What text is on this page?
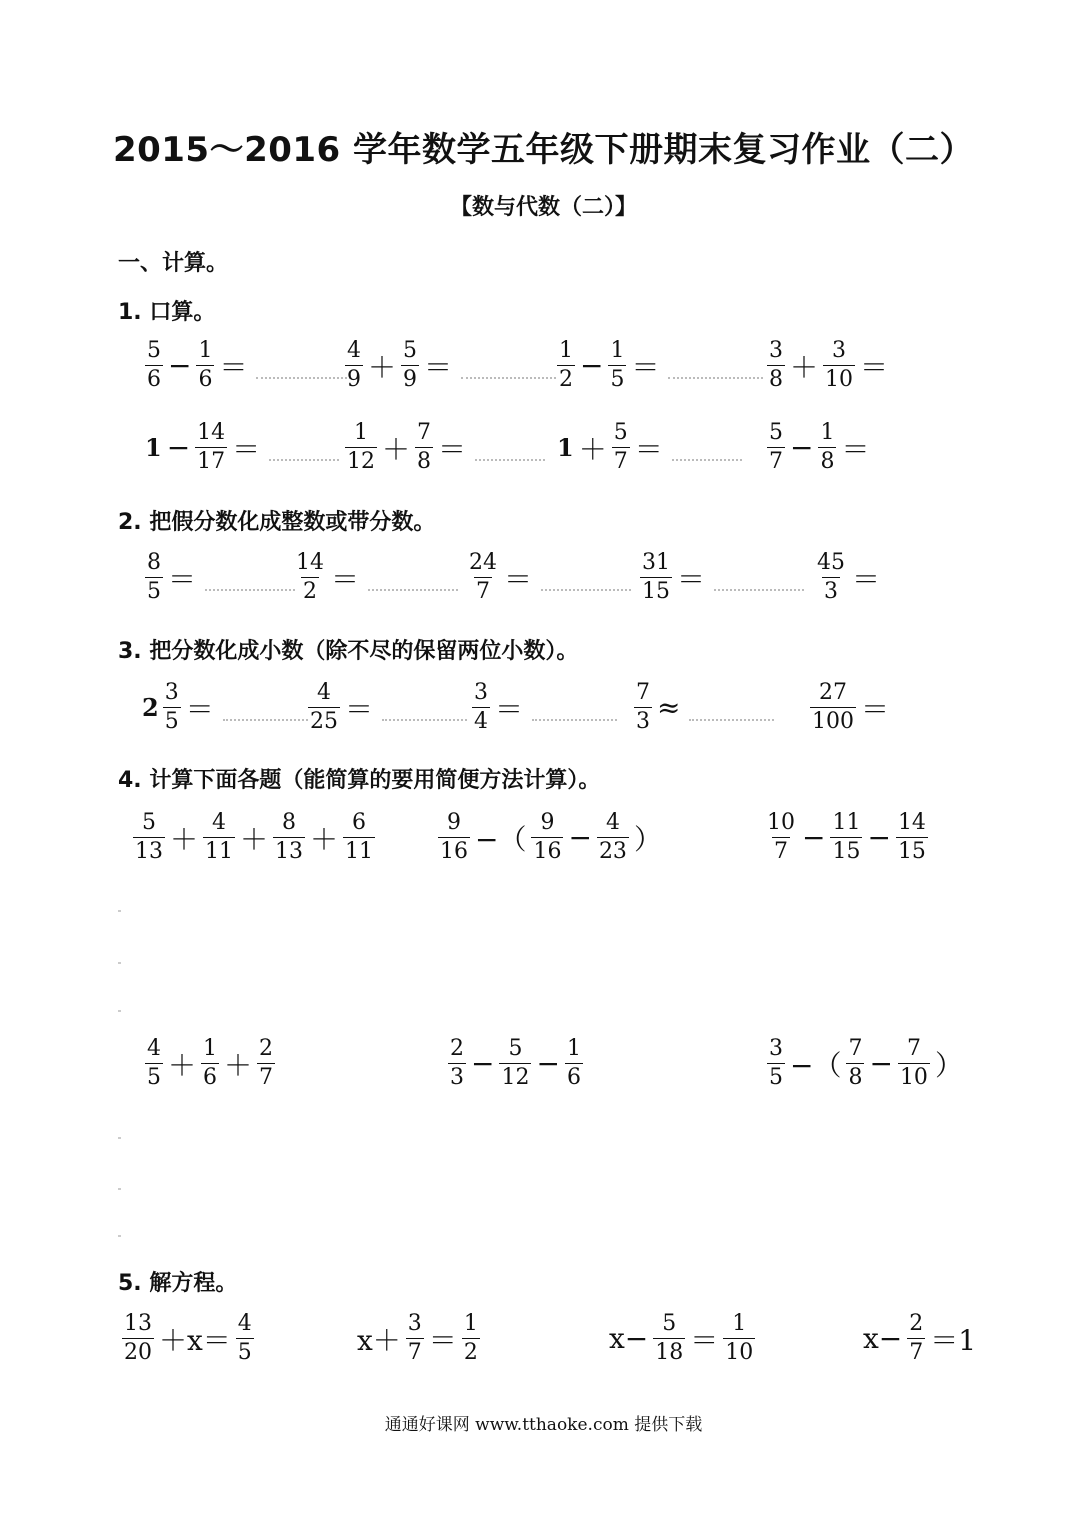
2015～2016 学年数学五年级下册期末复习作业（二）
【数与代数（二）】
一、计算。
1. 口算。
2. 把假分数化成整数或带分数。
3. 把分数化成小数（除不尽的保留两位小数）。
4. 计算下面各题（能简算的要用简便方法计算）。
5. 解方程。
通通好课网 www.tthaoke.com 提供下载
$\frac{5}{6} - \frac{1}{6}$ ＝	$\frac{4}{9} + \frac{5}{9}$ ＝	$\frac{1}{2} - \frac{1}{5}$ ＝	$\frac{3}{8} + \frac{3}{10}$ ＝
$1 - \frac{14}{17}$ ＝	$\frac{1}{12} + \frac{7}{8}$ ＝	$1 + \frac{5}{7}$ ＝	$\frac{5}{7} - \frac{1}{8}$ ＝
$\frac{8}{5}$ ＝	$\frac{14}{2}$ ＝	$\frac{24}{7}$ ＝	$\frac{31}{15}$ ＝	$\frac{45}{3}$ ＝
$2 \frac{3}{5}$ ＝	$\frac{4}{25}$ ＝	$\frac{3}{4}$ ＝	$\frac{7}{3}$ ≈	$\frac{27}{100}$ ＝
$\frac{5}{13} + \frac{4}{11} + \frac{8}{13} + \frac{6}{11}$	$\frac{9}{16}$ −（ $\frac{9}{16} - \frac{4}{23}$ ）	$\frac{10}{7} - \frac{11}{15} - \frac{14}{15}$
$\frac{4}{5} + \frac{1}{6} + \frac{2}{7}$	$\frac{2}{3} - \frac{5}{12} - \frac{1}{6}$	$\frac{3}{5}$ −（ $\frac{7}{8} - \frac{7}{10}$ ）
$\frac{13}{20} +x= \frac{4}{5}$	$x+ \frac{3}{7} = \frac{1}{2}$	$x- \frac{5}{18} = \frac{1}{10}$	$x- \frac{2}{7} =1$
